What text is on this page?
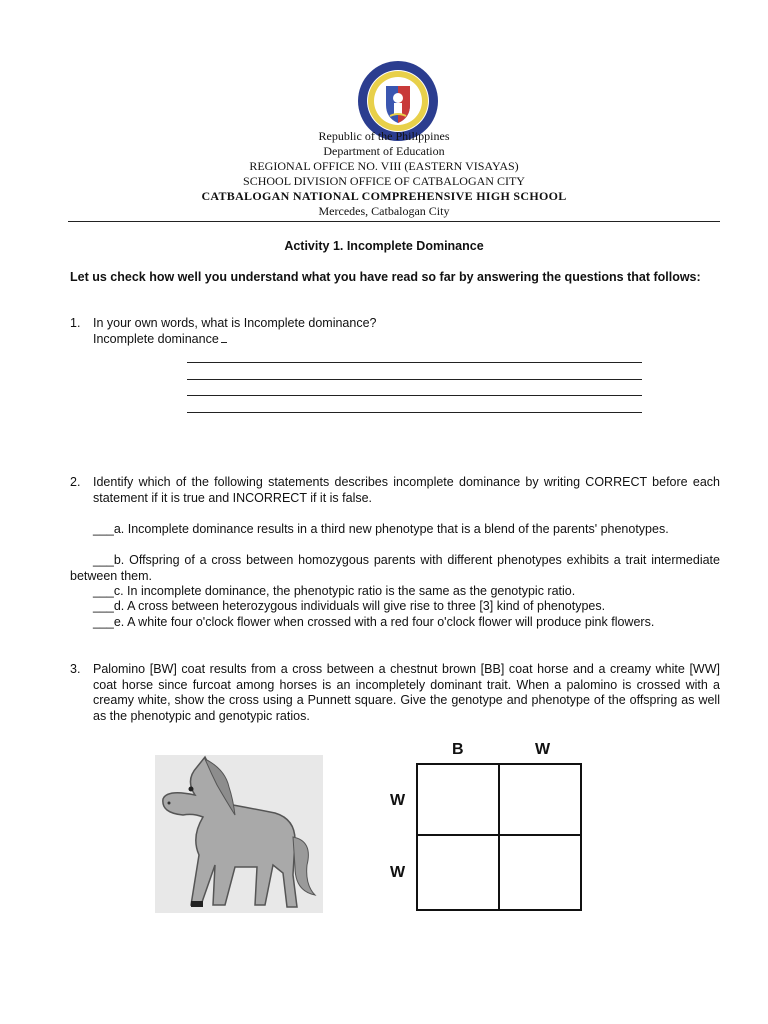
Republic of the Philippines
Department of Education
REGIONAL OFFICE NO. VIII (EASTERN VISAYAS)
SCHOOL DIVISION OFFICE OF CATBALOGAN CITY
CATBALOGAN NATIONAL COMPREHENSIVE HIGH SCHOOL
Mercedes, Catbalogan City
Activity 1. Incomplete Dominance
Let us check how well you understand what you have read so far by answering the questions that follows:
1. In your own words, what is Incomplete dominance?
Incomplete dominance
2. Identify which of the following statements describes incomplete dominance by writing CORRECT before each statement if it is true and INCORRECT if it is false.
___a. Incomplete dominance results in a third new phenotype that is a blend of the parents' phenotypes.
___b. Offspring of a cross between homozygous parents with different phenotypes exhibits a trait intermediate between them.
___c. In incomplete dominance, the phenotypic ratio is the same as the genotypic ratio.
___d. A cross between heterozygous individuals will give rise to three [3] kind of phenotypes.
___e. A white four o'clock flower when crossed with a red four o'clock flower will produce pink flowers.
3. Palomino [BW] coat results from a cross between a chestnut brown [BB] coat horse and a creamy white [WW] coat horse since furcoat among horses is an incompletely dominant trait. When a palomino is crossed with a creamy white, show the cross using a Punnett square. Give the genotype and phenotype of the offspring as well as the phenotypic and genotypic ratios.
B	W
W
W
